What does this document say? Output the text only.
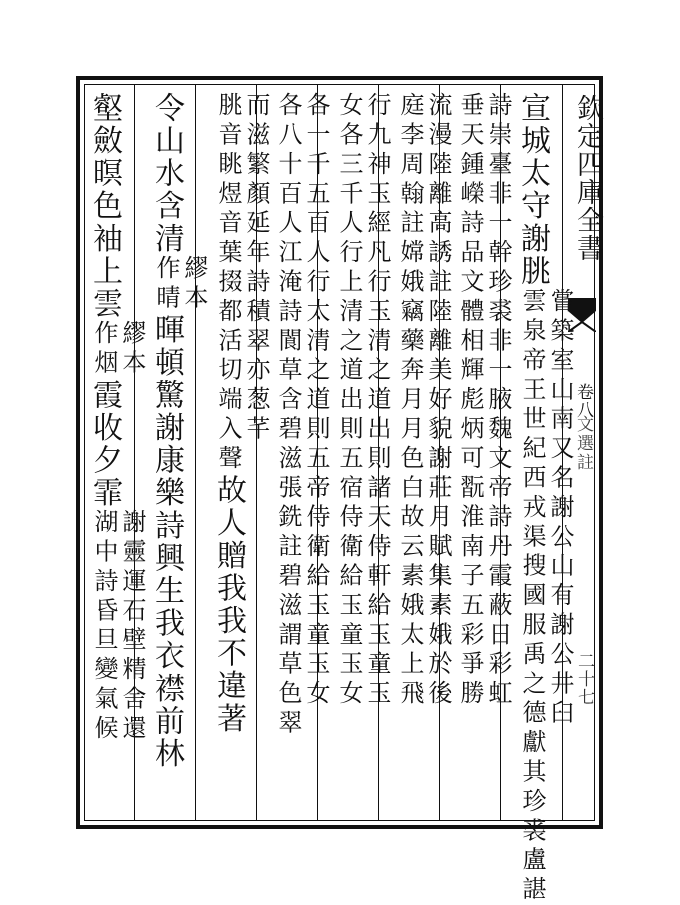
欽定四庫全書
卷八
文選註
二十七
宣城太守謝朓嘗築室山南又名謝公山有謝公井臼
雲泉帝王世紀西戎渠搜國服禹之德獻其珍裘盧諶
詩崇臺非一幹珍裘非一腋魏文帝詩丹霞蔽日彩虹
垂天鍾嶸詩品文體相輝彪炳可翫淮南子五彩爭勝
流漫陸離高誘註陸離美好貌謝莊月賦集素娥於後
庭李周翰註嫦娥竊藥奔月月色白故云素娥太上飛
行九神玉經凡行玉清之道出則諸天侍軒給玉童玉
女各三千人行上清之道出則五宿侍衛給玉童玉女
各一千五百人行太清之道則五帝侍衛給玉童玉女
各八十百人江淹詩閬草含碧滋張銑註碧滋謂草色翠
而滋繁顏延年詩積翠亦葱芊
朓音眺煜音葉掇都活切端入聲故人贈我我不違著
令山水含清繆本
作晴暉頓驚謝康樂詩興生我衣襟前林
壑斂暝色袖上雲繆本
作烟霞收夕霏謝靈運石壁精舍還
湖中詩昏旦變氣候
